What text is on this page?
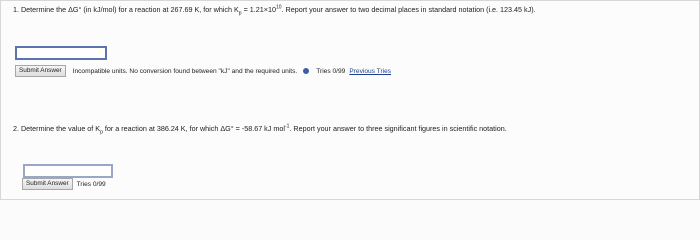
1. Determine the ΔG° (in kJ/mol) for a reaction at 267.69 K, for which $K_p = 1.21\times 10^{10}$. Report your answer to two decimal places in standard notation (i.e. 123.45 kJ).
Submit Answer	Incompatible units. No conversion found between "kJ" and the required units.	Tries 0/99 Previous Tries
2. Determine the value of $K_p$ for a reaction at 386.24 K, for which ΔG° = -58.67 kJ mol$^{-1}$. Report your answer to three significant figures in scientific notation.
Submit Answer	Tries 0/99
